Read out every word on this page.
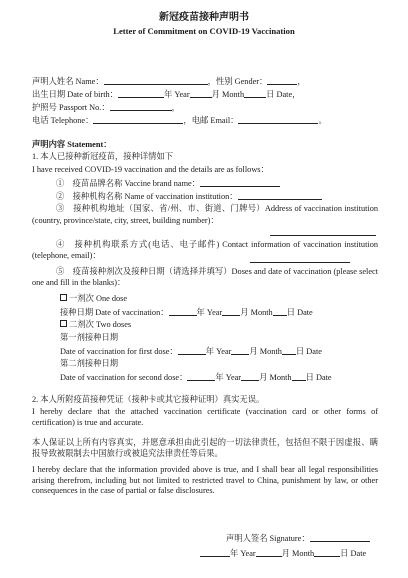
新冠疫苗接种声明书
Letter of Commitment on COVID-19 Vaccination
声明人姓名 Name：	，性别 Gender：	，
出生日期 Date of birth：	年 Year	月 Month	日 Date，
护照号 Passport No.：	，
电话 Telephone：	，电邮 Email：	。
声明内容 Statement：
1. 本人已接种新冠疫苗，接种详情如下
I have received COVID-19 vaccination and the details are as follows：
①　疫苗品牌名称 Vaccine brand name：
②　接种机构名称 Name of vaccination institution：
③　接种机构地址（国家、省/州、市、街道、门牌号）Address of vaccination institution (country, province/state, city, street, building number)：
④　接种机构联系方式(电话、电子邮件) Contact information of vaccination institution (telephone, email)：
⑤　疫苗接种剂次及接种日期（请选择并填写）Doses and date of vaccination (please select one and fill in the blanks)：
一剂次 One dose
接种日期 Date of vaccination：	年 Year 月 Month 日 Date
二剂次 Two doses
第一剂接种日期
Date of vaccination for first dose：	年 Year 月 Month 日 Date
第二剂接种日期
Date of vaccination for second dose：	年 Year 月 Month 日 Date
2. 本人所附疫苗接种凭证（接种卡或其它接种证明）真实无误。
I hereby declare that the attached vaccination certificate (vaccination card or other forms of certification) is true and accurate.
本人保证以上所有内容真实，并愿意承担由此引起的一切法律责任，包括但不限于因虚报、瞒报导致被限制去中国旅行或被追究法律责任等后果。
I hereby declare that the information provided above is true, and I shall bear all legal responsibilities arising therefrom, including but not limited to restricted travel to China, punishment by law, or other consequences in the case of partial or false disclosures.
声明人签名 Signature：
年 Year	月 Month	日 Date
